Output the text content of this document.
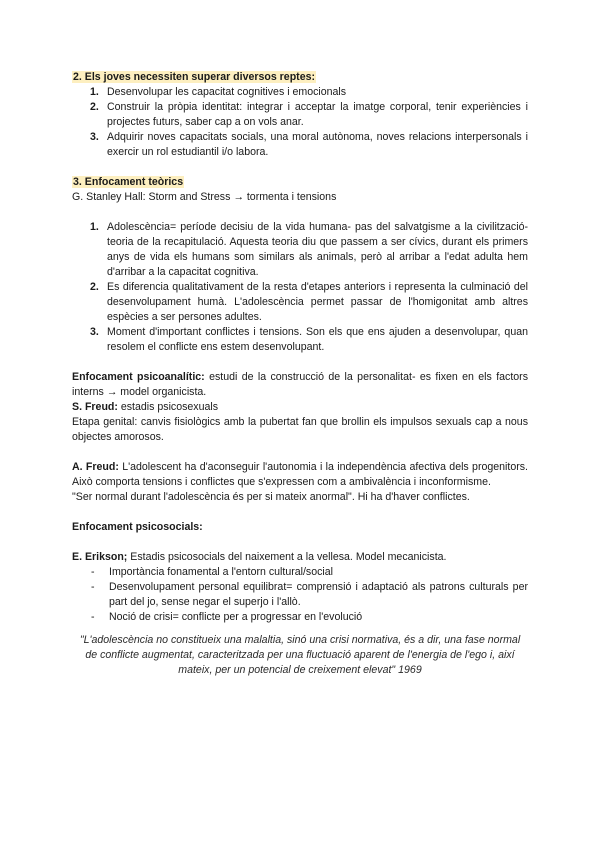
2. Els joves necessiten superar diversos reptes:

1. Desenvolupar les capacitat cognitives i emocionals
2. Construir la pròpia identitat: integrar i acceptar la imatge corporal, tenir experiències i projectes futurs, saber cap a on vols anar.
3. Adquirir noves capacitats socials, una moral autònoma, noves relacions interpersonals i exercir un rol estudiantil i/o labora.

3. Enfocament teòrics

G. Stanley Hall: Storm and Stress → tormenta i tensions

1. Adolescència= període decisiu de la vida humana- pas del salvatgisme a la civilització- teoria de la recapitulació. Aquesta teoria diu que passem a ser cívics, durant els primers anys de vida els humans som similars als animals, però al arribar a l'edat adulta hem d'arribar a la capacitat cognitiva.
2. Es diferencia qualitativament de la resta d'etapes anteriors i representa la culminació del desenvolupament humà. L'adolescència permet passar de l'homigonitat amb altres espècies a ser persones adultes.
3. Moment d'important conflictes i tensions. Son els que ens ajuden a desenvolupar, quan resolem el conflicte ens estem desenvolupant.

Enfocament psicoanalític: estudi de la construcció de la personalitat- es fixen en els factors interns → model organicista.

S. Freud: estadis psicosexuals

Etapa genital: canvis fisiològics amb la pubertat fan que brollin els impulsos sexuals cap a nous objectes amorosos.

A. Freud: L'adolescent ha d'aconseguir l'autonomia i la independència afectiva dels progenitors. Això comporta tensions i conflictes que s'expressen com a ambivalència i inconformisme.

"Ser normal durant l'adolescència és per si mateix anormal". Hi ha d'haver conflictes.

Enfocament psicosocials:

E. Erikson; Estadis psicosocials del naixement a la vellesa. Model mecanicista.

- Importància fonamental a l'entorn cultural/social
- Desenvolupament personal equilibrat= comprensió i adaptació als patrons culturals per part del jo, sense negar el superjo i l'allò.
- Noció de crisi= conflicte per a progressar en l'evolució

"L'adolescència no constitueix una malaltia, sinó una crisi normativa, és a dir, una fase normal de conflicte augmentat, caracteritzada per una fluctuació aparent de l'energia de l'ego i, així mateix, per un potencial de creixement elevat" 1969
